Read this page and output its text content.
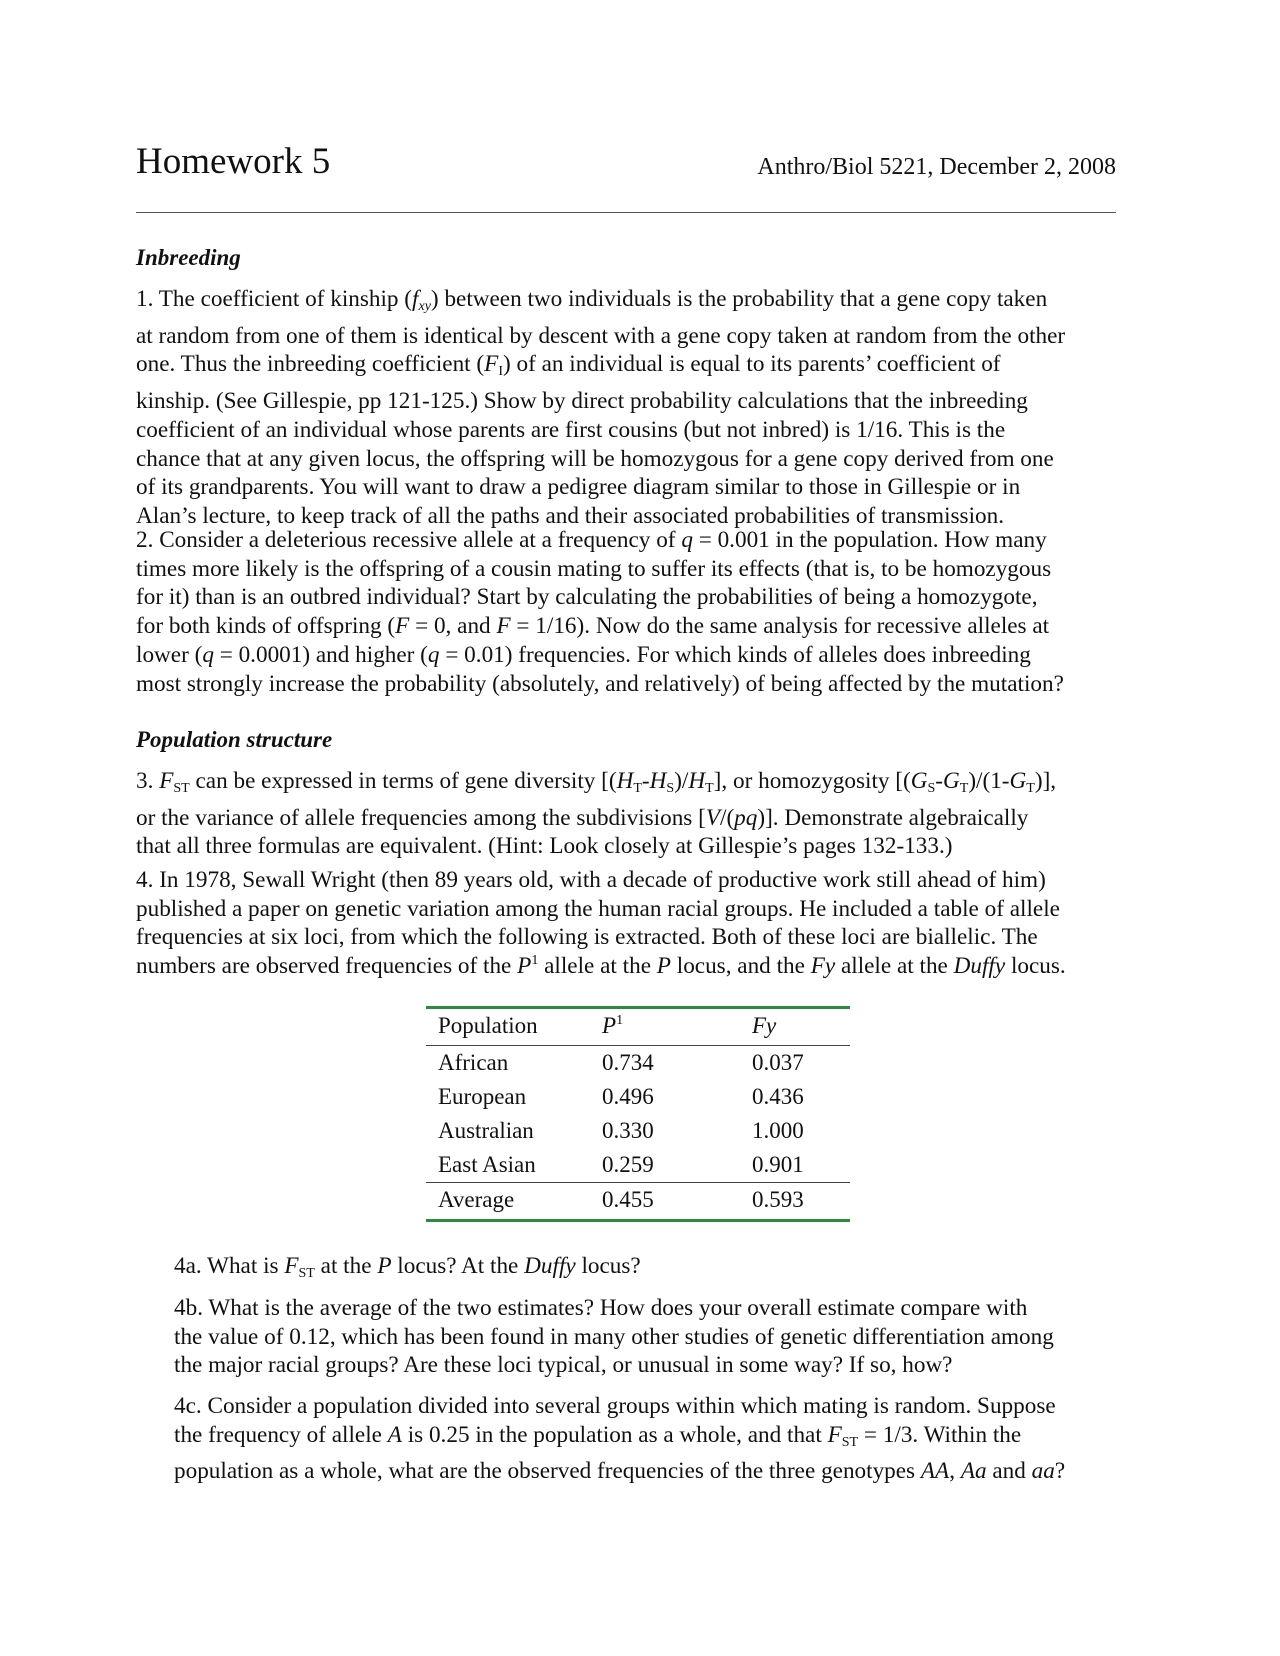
Homework 5	Anthro/Biol 5221, December 2, 2008
Inbreeding
1. The coefficient of kinship $(f_{xy})$ between two individuals is the probability that a gene copy taken
at random from one of them is identical by descent with a gene copy taken at random from the other
one. Thus the inbreeding coefficient $(F_I)$ of an individual is equal to its parents’ coefficient of
kinship. (See Gillespie, pp 121-125.) Show by direct probability calculations that the inbreeding
coefficient of an individual whose parents are first cousins (but not inbred) is 1/16. This is the
chance that at any given locus, the offspring will be homozygous for a gene copy derived from one
of its grandparents. You will want to draw a pedigree diagram similar to those in Gillespie or in
Alan’s lecture, to keep track of all the paths and their associated probabilities of transmission.
2. Consider a deleterious recessive allele at a frequency of q = 0.001 in the population. How many
times more likely is the offspring of a cousin mating to suffer its effects (that is, to be homozygous
for it) than is an outbred individual? Start by calculating the probabilities of being a homozygote,
for both kinds of offspring (F = 0, and F = 1/16). Now do the same analysis for recessive alleles at
lower (q = 0.0001) and higher (q = 0.01) frequencies. For which kinds of alleles does inbreeding
most strongly increase the probability (absolutely, and relatively) of being affected by the mutation?
Population structure
3. $F_{ST}$ can be expressed in terms of gene diversity $[(H_T-H_S)/H_T]$, or homozygosity $[(G_S-G_T)/(1-G_T)]$,
or the variance of allele frequencies among the subdivisions [V/(pq)]. Demonstrate algebraically
that all three formulas are equivalent. (Hint: Look closely at Gillespie’s pages 132-133.)
4. In 1978, Sewall Wright (then 89 years old, with a decade of productive work still ahead of him)
published a paper on genetic variation among the human racial groups. He included a table of allele
frequencies at six loci, from which the following is extracted. Both of these loci are biallelic. The
numbers are observed frequencies of the $P^1$ allele at the P locus, and the Fy allele at the Duffy locus.
Population	$P^1$	Fy
African	0.734	0.037
European	0.496	0.436
Australian	0.330	1.000
East Asian	0.259	0.901
Average	0.455	0.593
4a. What is $F_{ST}$ at the P locus? At the Duffy locus?
4b. What is the average of the two estimates? How does your overall estimate compare with
the value of 0.12, which has been found in many other studies of genetic differentiation among
the major racial groups? Are these loci typical, or unusual in some way? If so, how?
4c. Consider a population divided into several groups within which mating is random. Suppose
the frequency of allele A is 0.25 in the population as a whole, and that $F_{ST} = 1/3$. Within the
population as a whole, what are the observed frequencies of the three genotypes AA, Aa and aa?
